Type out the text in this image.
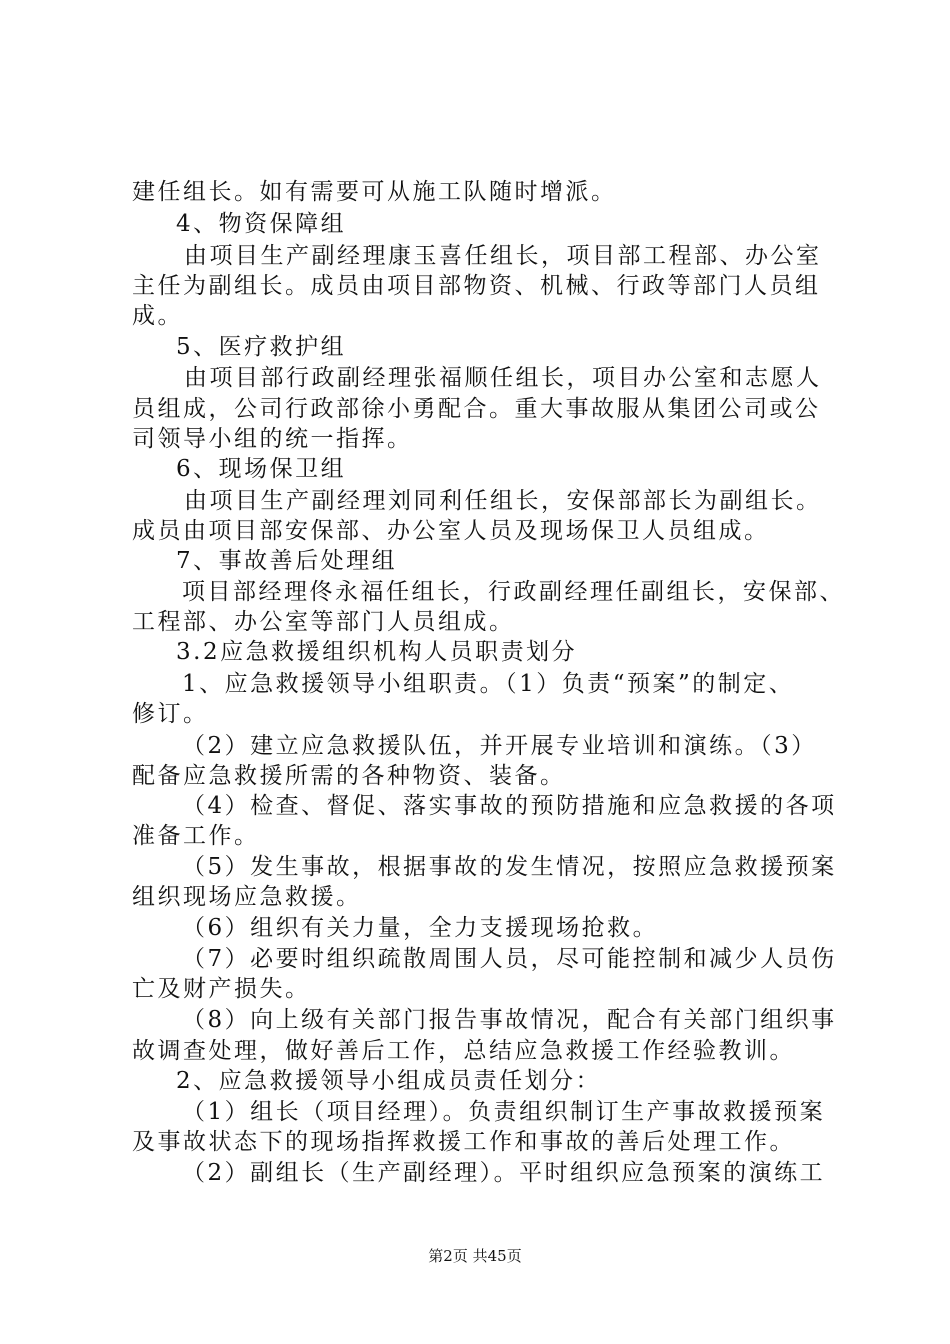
建任组长。如有需要可从施工队随时增派。
4、物资保障组
由项目生产副经理康玉喜任组长，项目部工程部、办公室
主任为副组长。成员由项目部物资、机械、行政等部门人员组
成。
5、医疗救护组
由项目部行政副经理张福顺任组长，项目办公室和志愿人
员组成，公司行政部徐小勇配合。重大事故服从集团公司或公
司领导小组的统一指挥。
6、现场保卫组
由项目生产副经理刘同利任组长，安保部部长为副组长。
成员由项目部安保部、办公室人员及现场保卫人员组成。
7、事故善后处理组
项目部经理佟永福任组长，行政副经理任副组长，安保部、
工程部、办公室等部门人员组成。
3.2应急救援组织机构人员职责划分
1、应急救援领导小组职责。（1）负责“预案”的制定、
修订。
（2）建立应急救援队伍，并开展专业培训和演练。（3）
配备应急救援所需的各种物资、装备。
（4）检查、督促、落实事故的预防措施和应急救援的各项
准备工作。
（5）发生事故，根据事故的发生情况，按照应急救援预案
组织现场应急救援。
（6）组织有关力量，全力支援现场抢救。
（7）必要时组织疏散周围人员，尽可能控制和减少人员伤
亡及财产损失。
（8）向上级有关部门报告事故情况，配合有关部门组织事
故调查处理，做好善后工作，总结应急救援工作经验教训。
2、应急救援领导小组成员责任划分：
（1）组长（项目经理）。负责组织制订生产事故救援预案
及事故状态下的现场指挥救援工作和事故的善后处理工作。
（2）副组长（生产副经理）。平时组织应急预案的演练工
第2页 共45页
